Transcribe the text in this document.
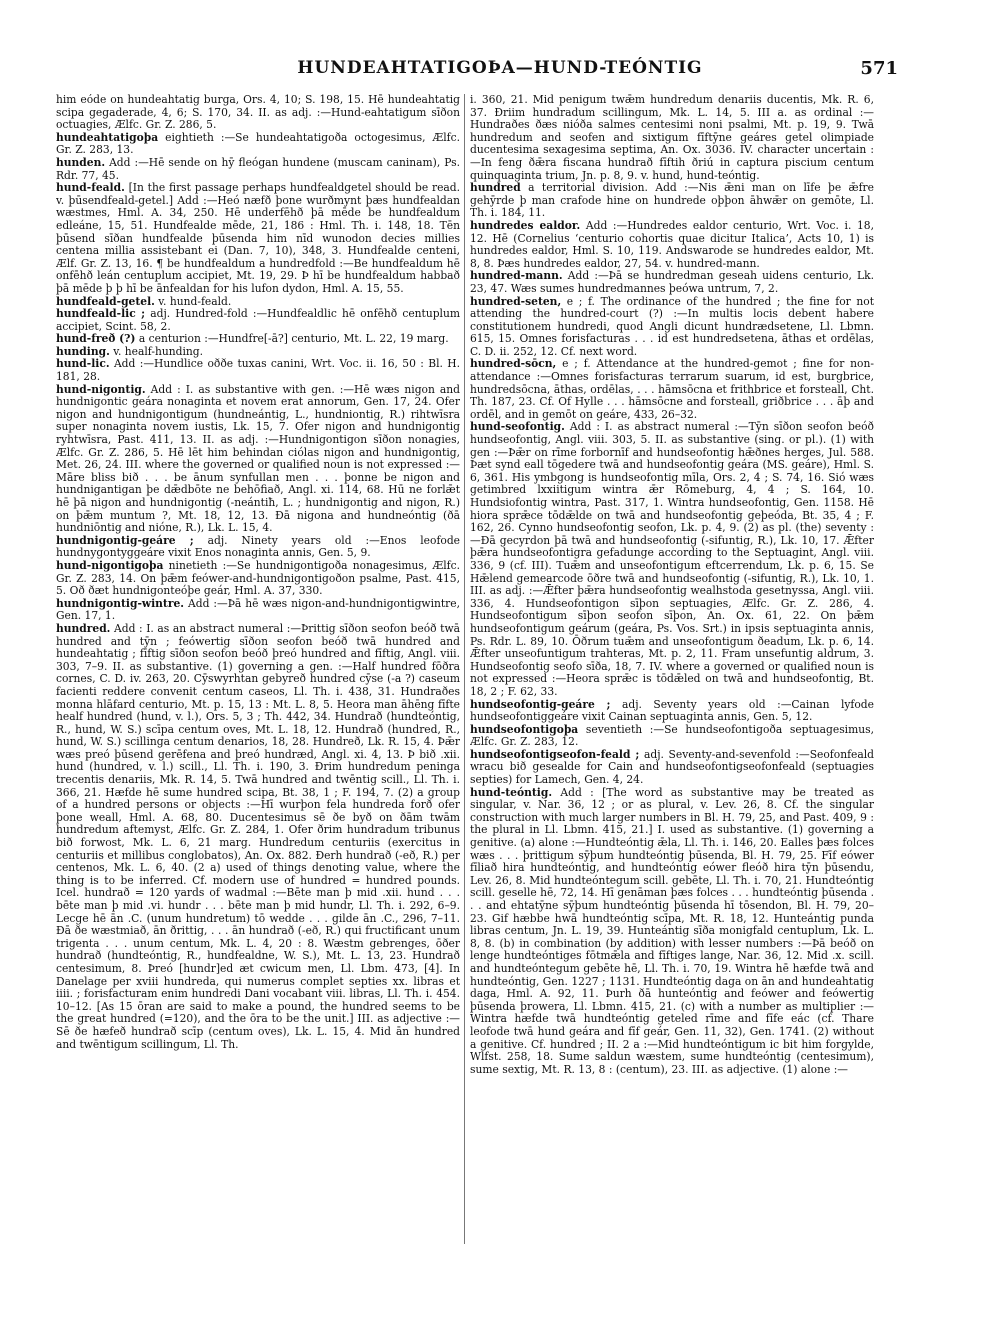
HUNDEAHTATIGOÞA—HUND-TEÓNTIG	571

him eóde on hundeahtatig burga, Ors. 4, 10; S. 198, 15. Hē hundeahtatig scipa gegaderade, 4, 6; S. 170, 34. II. as adj. :—Hund-eahtatigum sīðon octuagies, Ælfc. Gr. Z. 286, 5.

hundeahtatigoþa eightieth :—Se hundeahtatigoða octogesimus, Ælfc. Gr. Z. 283, 13.

hunden. Add :—Hē sende on hȳ fleógan hundene (muscam caninam), Ps. Rdr. 77, 45.

hund-feald. [In the first passage perhaps hundfealdgetel should be read. v. þūsendfeald-getel.] Add :—Heó næfð þone wurðmynt þæs hundfealdan wæstmes, Hml. A. 34, 250. Hē underfēhð þā mēde be hundfealdum edleáne, 15, 51. Hundfealde mēde, 21, 186 : Hml. Th. i. 148, 18. Tēn þūsend sīðan hundfealde þūsenda him nīd wunodon decies millies centena millia assistebant ei (Dan. 7, 10), 348, 3. Hundfealde centeni, Ælf. Gr. Z. 13, 16. ¶ be hundfealdum a hundredfold :—Be hundfealdum hē onfēhð leán centuplum accipiet, Mt. 19, 29. Þ hī be hundfealdum habbað þā mēde þ þ hī be ānfealdan for his lufon dydon, Hml. A. 15, 55.

hundfeald-getel. v. hund-feald.

hundfeald-lic ; adj. Hundred-fold :—Hundfealdlic hē onfēhð centuplum accipiet, Scint. 58, 2.

hund-freð (?) a centurion :—Hundfre[-ā?] centurio, Mt. L. 22, 19 marg.

hunding. v. healf-hunding.

hund-lic. Add :—Hundlice oððe tuxas canini, Wrt. Voc. ii. 16, 50 : Bl. H. 181, 28.

hund-nigontig. Add : I. as substantive with gen. :—Hē wæs nigon and hundnigontic geára nonaginta et novem erat annorum, Gen. 17, 24. Ofer nigon and hundnigontigum (hundneántig, L., hundniontig, R.) rihtwīsra super nonaginta novem iustis, Lk. 15, 7. Ofer nigon and hundnigontig ryhtwīsra, Past. 411, 13. II. as adj. :—Hundnigontigon sīðon nonagies, Ælfc. Gr. Z. 286, 5. Hē lēt him behindan ciólas nigon and hundnigontig, Met. 26, 24. III. where the governed or qualified noun is not expressed :—Māre bliss bið . . . be ānum synfullan men . . . þonne be nigon and hundnigantigan þe dǣdbōte ne behōfiað, Angl. xi. 114, 68. Hū ne forlǣt hē þā nigon and hundnigontig (-neántiħ, L. ; hundnigontig and nigon, R.) on þǣm muntum ?, Mt. 18, 12, 13. Ðā nigona and hundneóntig (ðā hundniōntig and nióne, R.), Lk. L. 15, 4.

hundnigontig-geáre ; adj. Ninety years old :—Enos leofode hundnygontyggeáre vixit Enos nonaginta annis, Gen. 5, 9.

hund-nigontigoþa ninetieth :—Se hundnigontigoða nonagesimus, Ælfc. Gr. Z. 283, 14. On þǣm feówer-and-hundnigontigoðon psalme, Past. 415, 5. Oð ðæt hundnigonteóþe geár, Hml. A. 37, 330.

hundnigontig-wintre. Add :—Þā hē wæs nigon-and-hundnigontigwintre, Gen. 17, 1.

hundred. Add : I. as an abstract numeral :—Þrittig sīðon seofon beóð twā hundred and tȳn ; feówertig sīðon seofon beóð twā hundred and hundeahtatig ; fīftig sīðon seofon beóð þreó hundred and fīftig, Angl. viii. 303, 7–9. II. as substantive. (1) governing a gen. :—Half hundred fōðra cornes, C. D. iv. 263, 20. Cȳswyrhtan gebyreð hundred cȳse (-a ?) caseum facienti reddere convenit centum caseos, Ll. Th. i. 438, 31. Hundraðes monna hlāfard centurio, Mt. p. 15, 13 : Mt. L. 8, 5. Heora man āhēng fīfte healf hundred (hund, v. l.), Ors. 5, 3 ; Th. 442, 34. Hundrað (hundteóntig, R., hund, W. S.) scīpa centum oves, Mt. L. 18, 12. Hundrað (hundred, R., hund, W. S.) scillinga centum denarios, 18, 28. Hundreð, Lk. R. 15, 4. Þǣr wæs preó þūsend gerēfena and þreó hundræd, Angl. xi. 4, 13. Þ bið .xii. hund (hundred, v. l.) scill., Ll. Th. i. 190, 3. Ðrim hundredum peninga trecentis denariis, Mk. R. 14, 5. Twā hundred and twēntig scill., Ll. Th. i. 366, 21. Hæfde hē sume hundred scipa, Bt. 38, 1 ; F. 194, 7. (2) a group of a hundred persons or objects :—Hī wurþon fela hundreda forð ofer þone weall, Hml. A. 68, 80. Ducentesimus sē ðe byð on ðām twām hundredum aftemyst, Ælfc. Gr. Z. 284, 1. Ofer ðrim hundradum tribunus bið forwost, Mk. L. 6, 21 marg. Hundredum centuriis (exercitus in centuriis et millibus conglobatos), An. Ox. 882. Ðerh hundrað (-eð, R.) per centenos, Mk. L. 6, 40. (2 a) used of things denoting value, where the thing is to be inferred. Cf. modern use of hundred = hundred pounds. Icel. hundrað = 120 yards of wadmal :—Bēte man þ mid .xii. hund . . . bēte man þ mid .vi. hundr . . . bēte man þ mid hundr, Ll. Th. i. 292, 6–9. Lecge hē ān .C. (unum hundretum) tō wedde . . . gilde ān .C., 296, 7–11. Ðā ðe wæstmiað, ān ðrittig, . . . ān hundrað (-eð, R.) qui fructificant unum trigenta . . . unum centum, Mk. L. 4, 20 : 8. Wæstm gebrenges, ōðer hundrað (hundteóntig, R., hundfealdne, W. S.), Mt. L. 13, 23. Hundrað centesimum, 8. Þreó [hundr]ed æt cwicum men, Ll. Lbm. 473, [4]. In Danelage per xviii hundreda, qui numerus complet septies xx. libras et iiii. ; forisfacturam enim hundredi Dani vocabant viii. libras, Ll. Th. i. 454. 10–12. [As 15 ōran are said to make a pound, the hundred seems to be the great hundred (=120), and the ōra to be the unit.] III. as adjective :—Sē ðe hæfeð hundrað scīp (centum oves), Lk. L. 15, 4. Mid ān hundred and twēntigum scillingum, Ll. Th.

i. 360, 21. Mid penigum twǣm hundredum denariis ducentis, Mk. R. 6, 37. Ðriim hundradum scillingum, Mk. L. 14, 5. III a. as ordinal :—Hundraðes ðæs nióða salmes centesimi noni psalmi, Mt. p. 19, 9. Twā hundredum and seofen and sixtigum fīftȳne geáres getel olimpiade ducentesima sexagesima septima, An. Ox. 3036. IV. character uncertain :—In feng ðǣra fiscana hundrað fīftih ðriú in captura piscium centum quinquaginta trium, Jn. p. 8, 9. v. hund, hund-teóntig.

hundred a territorial division. Add :—Nis ǣni man on līfe þe ǣfre gehȳrde þ man crafode hine on hundrede oþþon āhwǣr on gemōte, Ll. Th. i. 184, 11.

hundredes ealdor. Add :—Hundredes ealdor centurio, Wrt. Voc. i. 18, 12. Hē (Cornelius ‘centurio cohortis quae dicitur Italica’, Acts 10, 1) is hundredes ealdor, Hml. S. 10, 119. Andswarode se hundredes ealdor, Mt. 8, 8. Þæs hundredes ealdor, 27, 54. v. hundred-mann.

hundred-mann. Add :—Þā se hundredman geseah uidens centurio, Lk. 23, 47. Wæs sumes hundredmannes þeówa untrum, 7, 2.

hundred-seten, e ; f. The ordinance of the hundred ; the fine for not attending the hundred-court (?) :—In multis locis debent habere constitutionem hundredi, quod Angli dicunt hundrædsetene, Ll. Lbmn. 615, 15. Omnes forisfacturas . . . id est hundredsetena, āthas et ordēlas, C. D. ii. 252, 12. Cf. next word.

hundred-sōcn, e ; f. Attendance at the hundred-gemot ; fine for non-attendance :—Omnes forisfacturas terrarum suarum, id est, burgbrice, hundredsōcna, āthas, ordēlas, . . . hāmsōcna et frithbrice et forsteall, Cht. Th. 187, 23. Cf. Of Hylle . . . hāmsōcne and forsteall, griðbrice . . . āþ and ordēl, and in gemōt on geáre, 433, 26–32.

hund-seofontig. Add : I. as abstract numeral :—Tȳn sīðon seofon beóð hundseofontig, Angl. viii. 303, 5. II. as substantive (sing. or pl.). (1) with gen :—Þǣr on rīme forbornīf and hundseofontig hǣðnes herges, Jul. 588. Þæt synd eall tōgedere twā and hundseofontig geára (MS. geáre), Hml. S. 6, 361. His ymbgong is hundseofontig mīla, Ors. 2, 4 ; S. 74, 16. Sió wæs getimbred lxxiitigum wintra ǣr Rōmeburg, 4, 4 ; S. 164, 10. Hundsiofontig wintra, Past. 317, 1. Wintra hundseofontig, Gen. 1158. Hē hiora sprǣce tōdǣlde on twā and hundseofontig geþeóda, Bt. 35, 4 ; F. 162, 26. Cynno hundseofontig seofon, Lk. p. 4, 9. (2) as pl. (the) seventy :—Ðā gecyrdon þā twā and hundseofontig (-sifuntig, R.), Lk. 10, 17. Ǣfter þǣra hundseofontigra gefadunge according to the Septuagint, Angl. viii. 336, 9 (cf. III). Tuǣm and unseofontigum eftcerrendum, Lk. p. 6, 15. Se Hǣlend gemearcode ōðre twā and hundseofontig (-sifuntig, R.), Lk. 10, 1. III. as adj. :—Ǣfter þǣra hundseofontig wealhstoda gesetnyssa, Angl. viii. 336, 4. Hundseofontigon sīþon septuagies, Ælfc. Gr. Z. 286, 4. Hundseofontigum sīþon seofon sīþon, An. Ox. 61, 22. On þǣm hundseofontigum geárum (geára, Ps. Vos. Srt.) in ipsis septuaginta annis, Ps. Rdr. L. 89, 10. Ōðrum tuǣm and unseofontigum ðeadum, Lk. p. 6, 14. Ǣfter unseofuntigum trahteras, Mt. p. 2, 11. Fram unsefuntig aldrum, 3. Hundseofontig seofo sīða, 18, 7. IV. where a governed or qualified noun is not expressed :—Heora sprǣc is tōdǣled on twā and hundseofontig, Bt. 18, 2 ; F. 62, 33.

hundseofontig-geáre ; adj. Seventy years old :—Cainan lyfode hundseofontiggeáre vixit Cainan septuaginta annis, Gen. 5, 12.

hundseofontigoþa seventieth :—Se hundseofontigoða septuagesimus, Ælfc. Gr. Z. 283, 12.

hundseofontigseofon-feald ; adj. Seventy-and-sevenfold :—Seofonfeald wracu bið gesealde for Cain and hundseofontigseofonfeald (septuagies septies) for Lamech, Gen. 4, 24.

hund-teóntig. Add : [The word as substantive may be treated as singular, v. Nar. 36, 12 ; or as plural, v. Lev. 26, 8. Cf. the singular construction with much larger numbers in Bl. H. 79, 25, and Past. 409, 9 : the plural in Ll. Lbmn. 415, 21.] I. used as substantive. (1) governing a genitive. (a) alone :—Hundteóntig ǣla, Ll. Th. i. 146, 20. Ealles þæs folces wæs . . . þrittigum sȳþum hundteóntig þūsenda, Bl. H. 79, 25. Fīf eówer fīliað hira hundteóntig, and hundteóntig eówer fleóð hira tȳn þūsendu, Lev. 26, 8. Mid hundteóntegum scill. gebēte, Ll. Th. i. 70, 21. Hundteóntig scill. geselle hē, 72, 14. Hī genāman þæs folces . . . hundteóntig þūsenda . . . and ehtatȳne sȳþum hundteóntig þūsenda hī tōsendon, Bl. H. 79, 20–23. Gif hæbbe hwā hundteóntig scīpa, Mt. R. 18, 12. Hunteántig punda libras centum, Jn. L. 19, 39. Hunteántig sīða monigfald centuplum, Lk. L. 8, 8. (b) in combination (by addition) with lesser numbers :—Þā beóð on lenge hundteóntiges fōtmǣla and fīftiges lange, Nar. 36, 12. Mid .x. scill. and hundteóntegum gebēte hē, Ll. Th. i. 70, 19. Wintra hē hæfde twā and hundteóntig, Gen. 1227 ; 1131. Hundteóntig daga on ān and hundeahtatig daga, Hml. A. 92, 11. Þurh ðā hunteóntig and feówer and feówertig þūsenda þrowera, Ll. Lbmn. 415, 21. (c) with a number as multiplier :—Wintra hæfde twā hundteóntig geteled rīme and fīfe eác (cf. Thare leofode twā hund geára and fīf geár, Gen. 11, 32), Gen. 1741. (2) without a genitive. Cf. hundred ; II. 2 a :—Mid hundteóntigum ic bit him forgylde, Wlfst. 258, 18. Sume saldun wæstem, sume hundteóntig (centesimum), sume sextig, Mt. R. 13, 8 : (centum), 23. III. as adjective. (1) alone :—
